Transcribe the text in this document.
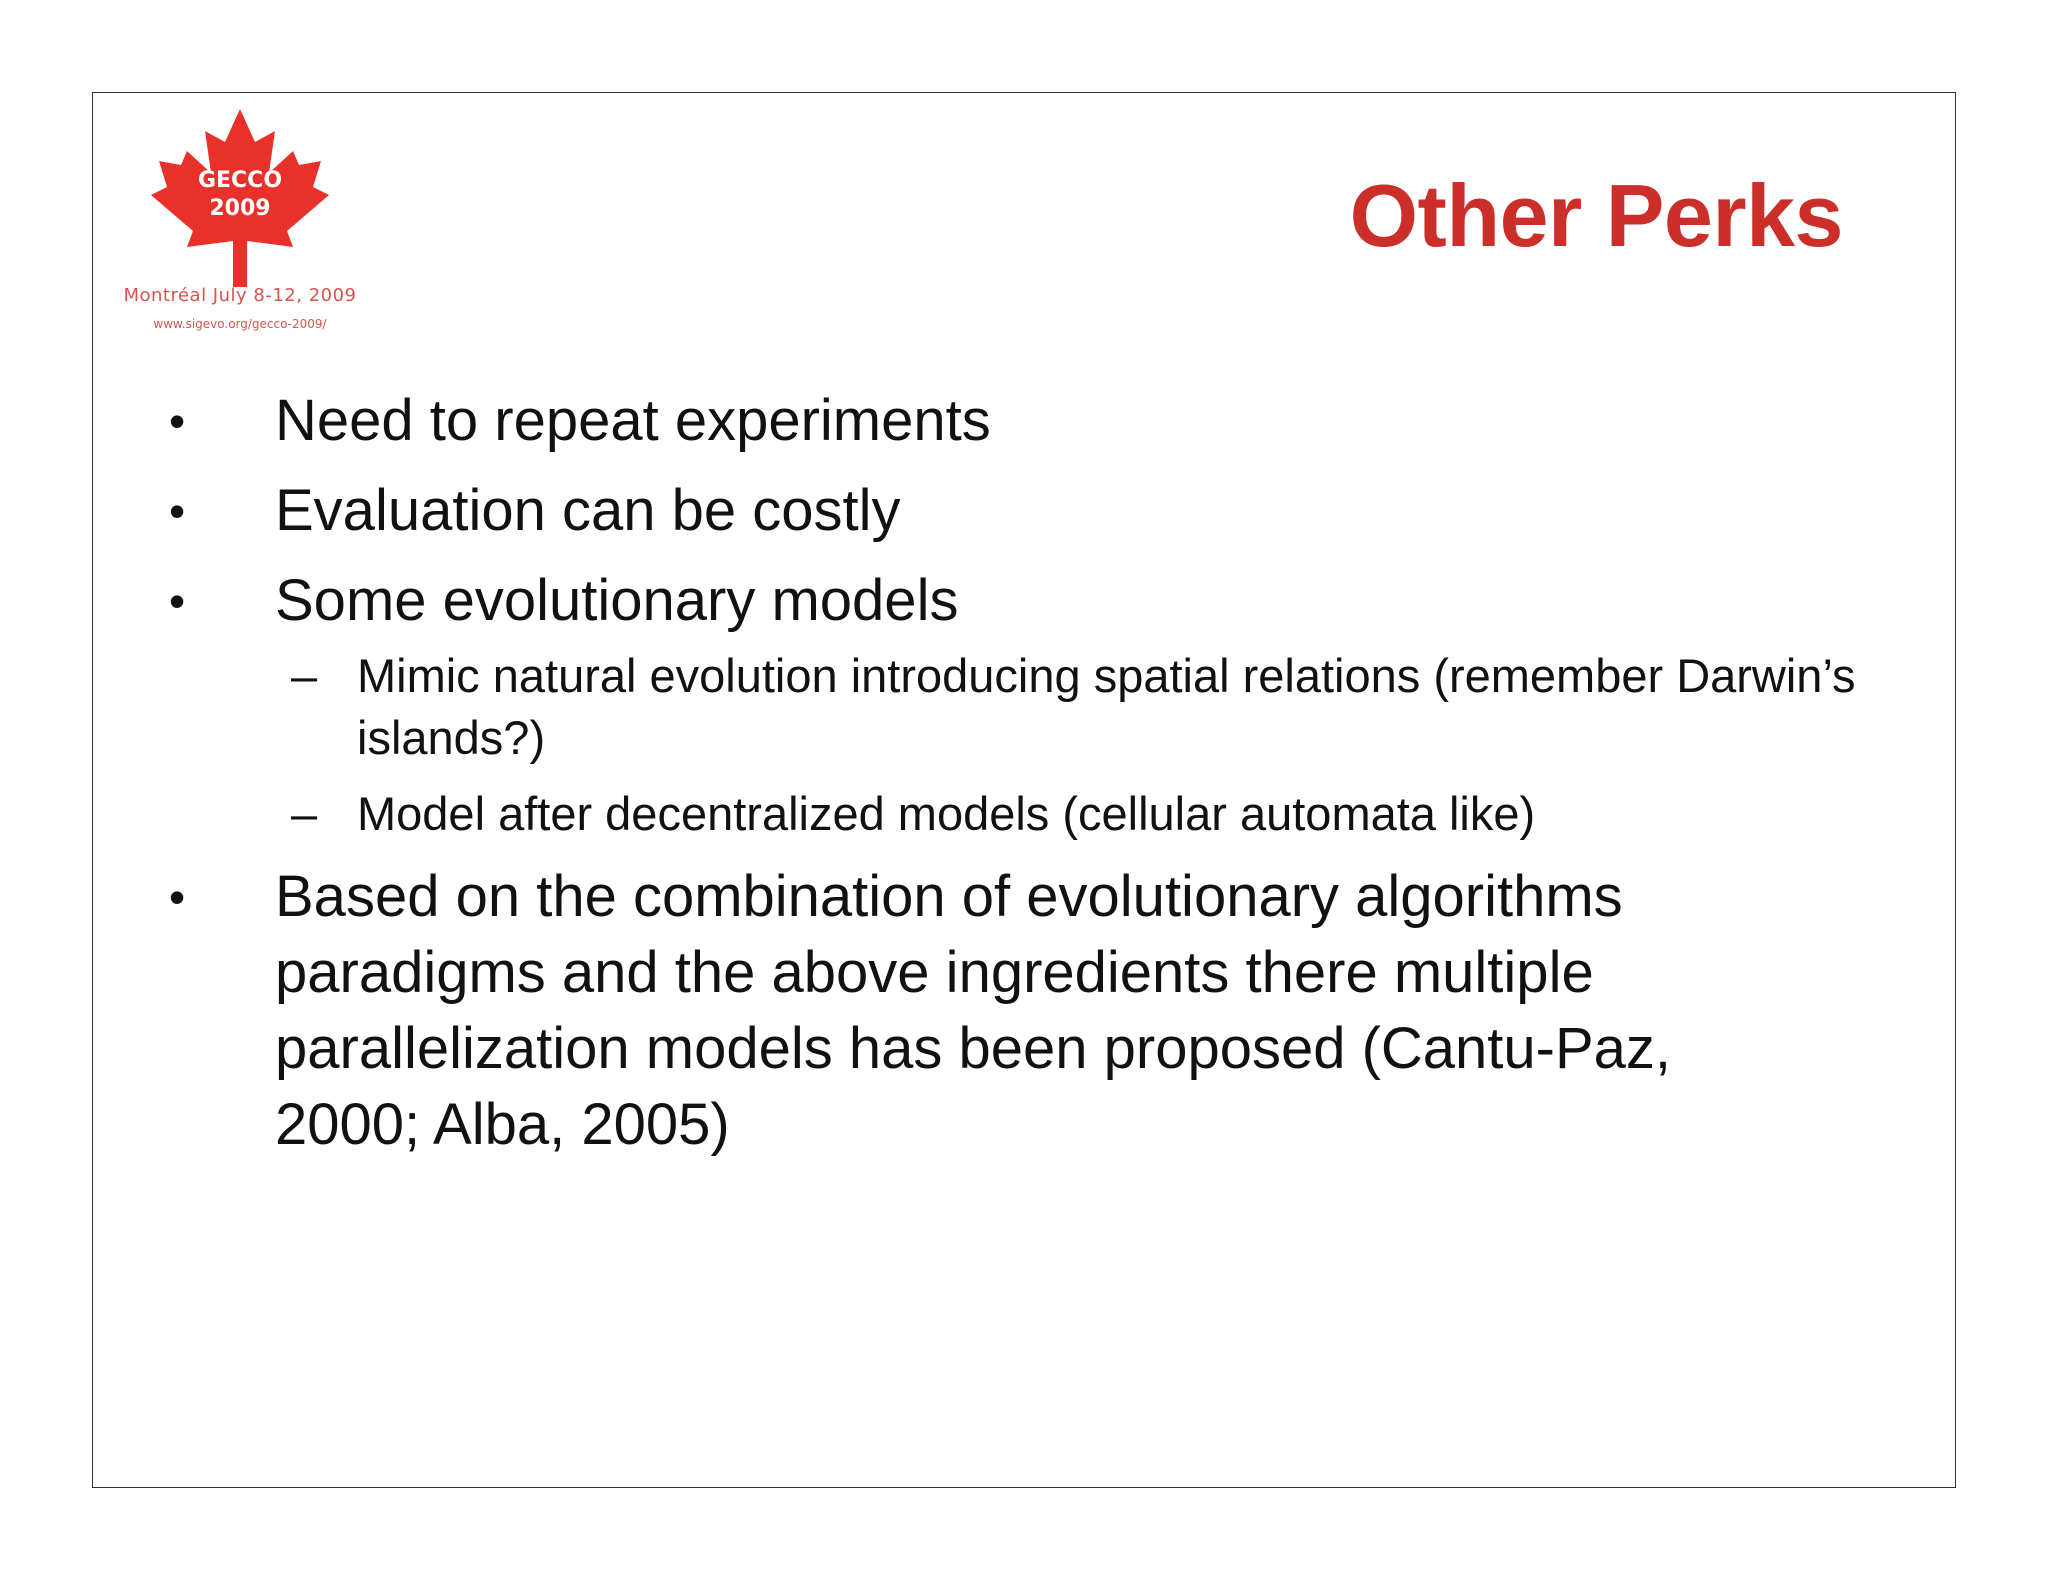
GECCO
2009
Montréal July 8-12, 2009
www.sigevo.org/gecco-2009/
Other Perks
• Need to repeat experiments
• Evaluation can be costly
• Some evolutionary models
– Mimic natural evolution introducing spatial relations (remember Darwin’s islands?)
– Model after decentralized models (cellular automata like)
• Based on the combination of evolutionary algorithms paradigms and the above ingredients there multiple parallelization models has been proposed (Cantu-Paz, 2000; Alba, 2005)
